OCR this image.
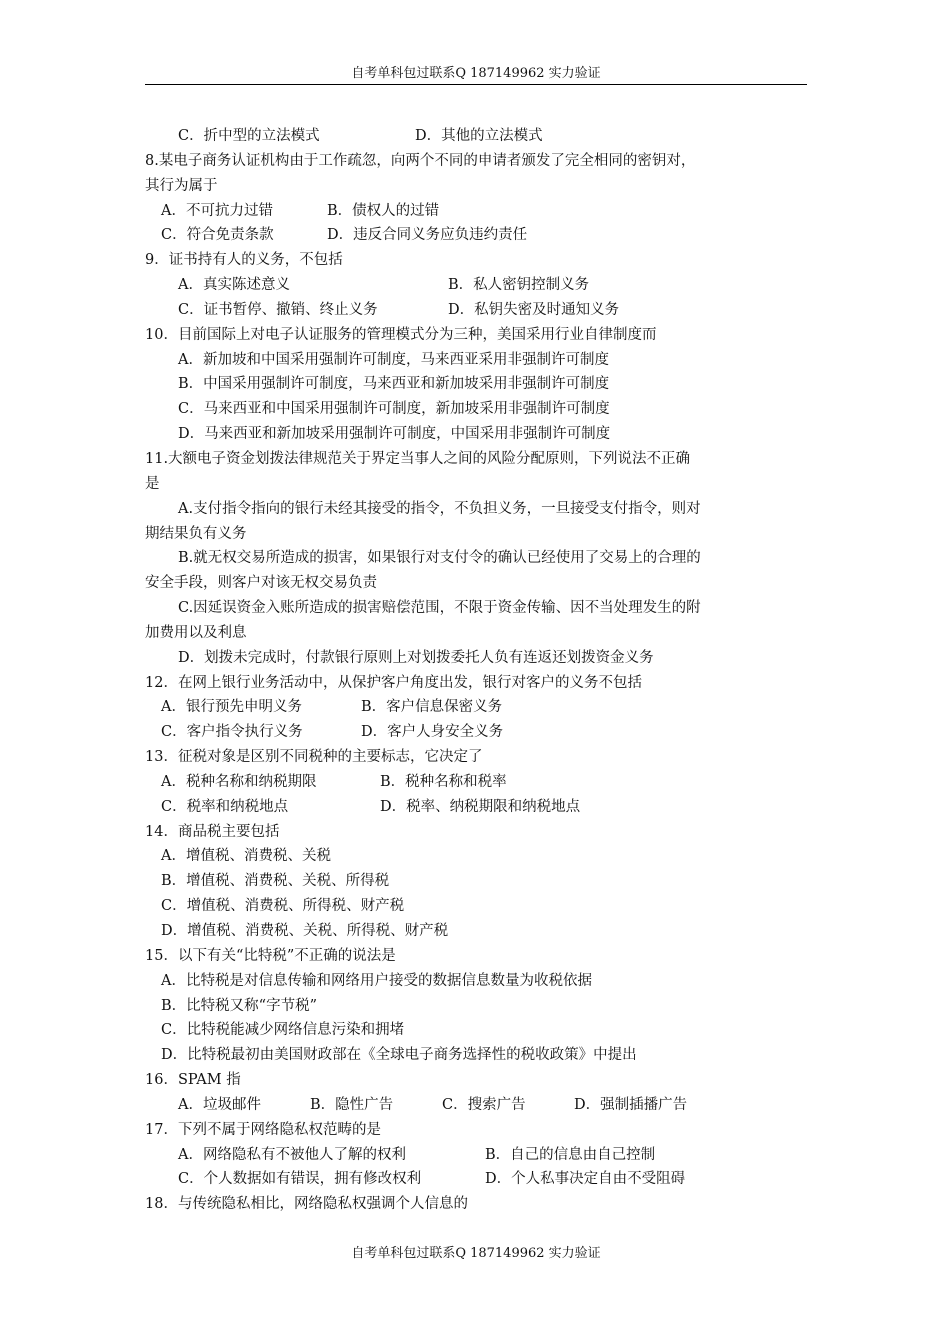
自考单科包过联系Q 187149962 实力验证
C．折中型的立法模式	D．其他的立法模式
8.某电子商务认证机构由于工作疏忽，向两个不同的申请者颁发了完全相同的密钥对，
其行为属于
A．不可抗力过错	B．债权人的过错
C．符合免责条款	D．违反合同义务应负违约责任
9．证书持有人的义务，不包括
A．真实陈述意义	B．私人密钥控制义务
C．证书暂停、撤销、终止义务	D．私钥失密及时通知义务
10．目前国际上对电子认证服务的管理模式分为三种，美国采用行业自律制度而
A．新加坡和中国采用强制许可制度，马来西亚采用非强制许可制度
B．中国采用强制许可制度，马来西亚和新加坡采用非强制许可制度
C．马来西亚和中国采用强制许可制度，新加坡采用非强制许可制度
D．马来西亚和新加坡采用强制许可制度，中国采用非强制许可制度
11.大额电子资金划拨法律规范关于界定当事人之间的风险分配原则，下列说法不正确
是
A.支付指令指向的银行未经其接受的指令，不负担义务，一旦接受支付指令，则对
期结果负有义务
B.就无权交易所造成的损害，如果银行对支付令的确认已经使用了交易上的合理的
安全手段，则客户对该无权交易负责
C.因延误资金入账所造成的损害赔偿范围，不限于资金传输、因不当处理发生的附
加费用以及利息
D．划拨未完成时，付款银行原则上对划拨委托人负有连返还划拨资金义务
12．在网上银行业务活动中，从保护客户角度出发，银行对客户的义务不包括
A．银行预先申明义务	B．客户信息保密义务
C．客户指令执行义务	D．客户人身安全义务
13．征税对象是区别不同税种的主要标志，它决定了
A．税种名称和纳税期限	B．税种名称和税率
C．税率和纳税地点	D．税率、纳税期限和纳税地点
14．商品税主要包括
A．增值税、消费税、关税
B．增值税、消费税、关税、所得税
C．增值税、消费税、所得税、财产税
D．增值税、消费税、关税、所得税、财产税
15．以下有关“比特税”不正确的说法是
A．比特税是对信息传输和网络用户接受的数据信息数量为收税依据
B．比特税又称“字节税”
C．比特税能减少网络信息污染和拥堵
D．比特税最初由美国财政部在《全球电子商务选择性的税收政策》中提出
16．SPAM 指
A．垃圾邮件	B．隐性广告	C．搜索广告	D．强制插播广告
17．下列不属于网络隐私权范畴的是
A．网络隐私有不被他人了解的权利	B．自己的信息由自己控制
C．个人数据如有错误，拥有修改权利	D．个人私事决定自由不受阻碍
18．与传统隐私相比，网络隐私权强调个人信息的
自考单科包过联系Q 187149962 实力验证
